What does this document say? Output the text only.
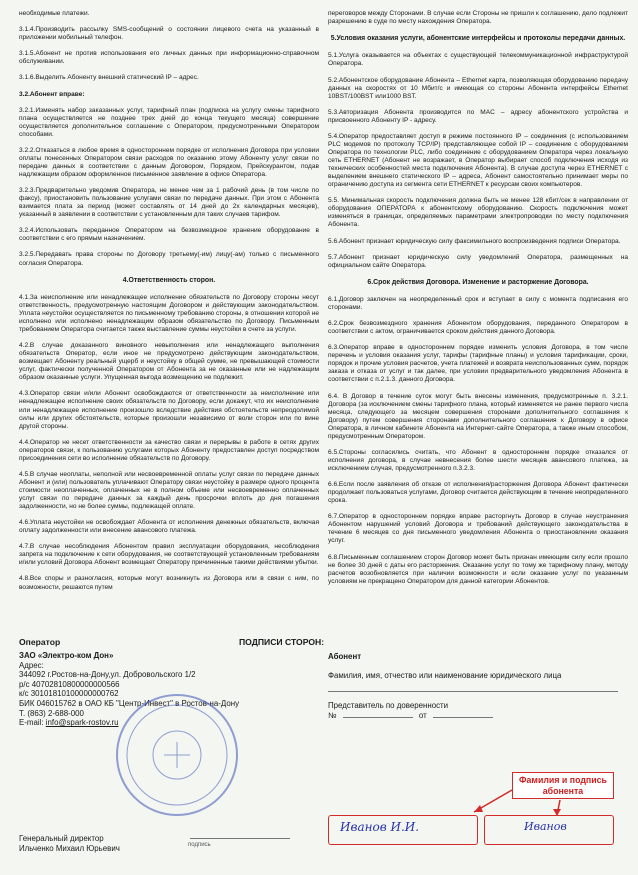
необходимые платежи.

3.1.4.Производить рассылку SMS-сообщений о состоянии лицевого счета на указанный в приложении мобильный телефон.

3.1.5.Абонент не против использования его личных данных при информационно-справочном обслуживании.

3.1.6.Выделить Абоненту внешний статический IP – адрес.

3.2.Абонент вправе:

3.2.1.Изменять набор заказанных услуг, тарифный план (подписка на услугу смены тарифного плана осуществляется не позднее трех дней до конца текущего месяца) совершение осуществляется дополнительное соглашение с Оператором, предусмотренными Оператором способами.

3.2.2.Отказаться в любое время в одностороннем порядке от исполнения Договора при условии оплаты понесенных Оператором связи расходов по оказанию этому Абоненту услуг связи по передаче данных в соответствии с данным Договором, Порядком, Прейскурантом, подав надлежащим образом оформленное письменное заявление в офисе Оператора.

3.2.3.Предварительно уведомив Оператора, не менее чем за 1 рабочий день (в том числе по факсу), приостановить пользование услугами связи по передаче данных. При этом с Абонента взимается плата за период (может составлять от 14 дней до 2х календарных месяцев), указанный в заявлении в соответствии с установленным для таких случаев тарифом.

3.2.4.Использовать переданное Оператором на безвозмездное хранение оборудование в соответствии с его прямым назначением.

3.2.5.Передавать права стороны по Договору третьему(-им) лицу(-ам) только с письменного согласия Оператора.

4.Ответственность сторон.

4.1.За неисполнение или ненадлежащее исполнение обязательств по Договору стороны несут ответственность, предусмотренную настоящим Договором и действующим законодательством. Уплата неустойки осуществляется по письменному требованию стороны, в отношении которой не исполнено или исполнено ненадлежащим образом обязательство по Договору. Письменным требованием Оператора считается также выставление суммы неустойки в счете за услуги.

4.2.В случае доказанного виновного невыполнения или ненадлежащего выполнения обязательств Оператор, если иное не предусмотрено действующим законодательством, возмещает Абоненту реальный ущерб и неустойку в общей сумме, не превышающей стоимости услуг, фактически полученной Оператором от Абонента за не оказанные или не надлежащим образом оказанные услуги. Упущенная выгода возмещению не подлежит.

4.3.Оператор связи и/или Абонент освобождаются от ответственности за неисполнение или ненадлежащее исполнение своих обязательств по Договору, если докажут, что их неисполнение или ненадлежащее исполнение произошло вследствие действия обстоятельств непреодолимой силы или других обстоятельств, которые произошли независимо от воли сторон или по вине другой стороны.

4.4.Оператор не несет ответственности за качество связи и перерывы в работе в сетях других операторов связи, к пользованию услугами которых Абоненту предоставлен доступ посредством присоединения сети во исполнение обязательств по Договору.

4.5.В случае неоплаты, неполной или несвоевременной оплаты услуг связи по передаче данных Абонент и (или) пользователь уплачивают Оператору связи неустойку в размере одного процента стоимости неоплаченных, оплаченных не в полном объеме или несвоевременно оплаченных услуг связи по передаче данных за каждый день просрочки вплоть до дня погашения задолженности, но не более суммы, подлежащей оплате.

4.6.Уплата неустойки не освобождает Абонента от исполнения денежных обязательств, включая оплату задолженности или внесение авансового платежа.

4.7.В случае несоблюдения Абонентом правил эксплуатации оборудования, несоблюдения запрета на подключение к сети оборудования, не соответствующей установленным требованиям и/или условий Договора Абонент возмещает Оператору причиненные такими действиями убытки.

4.8.Все споры и разногласия, которые могут возникнуть из Договора или в связи с ним, по возможности, решаются путем

переговоров между Сторонами. В случае если Стороны не пришли к соглашению, дело подлежит разрешению в суде по месту нахождения Оператора.

5.Условия оказания услуги, абонентские интерфейсы и протоколы передачи данных.

5.1.Услуга оказывается на объектах с существующей телекоммуникационной инфраструктурой Оператора.

5.2.Абонентское оборудование Абонента – Ethernet карта, позволяющая оборудованию передачу данных на скоростях от 10 Мбит/с и имеющая со стороны Абонента интерфейсы Ethernet 10BST/100BST или1000 BST.

5.3.Авторизация Абонента производится по MAC – адресу абонентского устройства и присвоенного Абоненту IP - адресу.

5.4.Оператор предоставляет доступ в режиме постоянного IP – соединения (с использованием PLC модемов по протоколу TCP/IP) представляющее собой IP – соединение с оборудованием Оператора по технологии PLC, либо соединение с оборудованием Оператора через локальную сеть ETHERNET (Абонент не возражает, в Оператор выбирает способ подключения исходя из технических особенностей места подключения Абонента). В случае доступа через ETHERNET с выделением внешнего статического IP – адреса, Абонент самостоятельно принимает меры по ограничению доступа из сегмента сети ETHERNET к ресурсам своих компьютеров.

5.5. Минимальная скорость подключения должна быть не менее 128 кбит/сек в направлении от оборудования ОПЕРАТОРА к абонентскому оборудованию. Скорость подключения может изменяться в границах, определяемых параметрами электропроводки по месту подключения Абонента.

5.6.Абонент признает юридическую силу факсимильного воспроизведения подписи Оператора.

5.7.Абонент признает юридическую силу уведомлений Оператора, размещенных на официальном сайте Оператора.

6.Срок действия Договора. Изменение и расторжение Договора.

6.1.Договор заключен на неопределенный срок и вступает в силу с момента подписания его сторонами.

6.2.Срок безвозмездного хранения Абонентом оборудования, переданного Оператором в соответствии с актом, ограничивается сроком действия данного Договора.

6.3.Оператор вправе в одностороннем порядке изменить условия Договора, в том числе перечень и условия оказания услуг, тарифы (тарифные планы) и условия тарификации, сроки, порядок и прочие условия расчетов, учета платежей и возврата неиспользованных сумм, порядок заказа и отказа от услуг и так далее, при условии предварительного уведомления Абонента в соответствии с п.2.1.3. данного Договора.

6.4. В Договор в течение суток могут быть внесены изменения, предусмотренные п. 3.2.1. Договора (за исключением смены тарифного плана, который изменяется не ранее первого числа месяца, следующего за месяцем совершения сторонами дополнительного соглашения к Договору) путем совершения сторонами дополнительного соглашения к Договору в офисе Оператора, в личном кабинете Абонента на Интернет-сайте Оператора, а также иным способом, предусмотренным Оператором.

6.5.Стороны согласились считать, что Абонент в одностороннем порядке отказался от исполнения договора, в случае невнесения более шести месяцев авансового платежа, за исключением случая, предусмотренного п.3.2.3.

6.6.Если после заявления об отказе от исполнения/расторжения Договора Абонент фактически продолжает пользоваться услугами, Договор считается действующим в течение неопределенного срока.

6.7.Оператор в одностороннем порядке вправе расторгнуть Договор в случае неустранения Абонентом нарушений условий Договора и требований действующего законодательства в течение 6 месяцев со дня письменного уведомления Абонента о приостановлении оказания услуг.

6.8.Письменным соглашением сторон Договор может быть признан имеющим силу если прошло не более 30 дней с даты его расторжения. Оказание услуг по тому же тарифному плану, методу расчетов возобновляется при наличии возможности и если оказание услуг по указанным условиям не прекращено Оператором для данной категории Абонентов.

Оператор	ПОДПИСИ СТОРОН:
ЗАО «Электро-ком Дон»
Адрес:
344092 г.Ростов-на-Дону,ул. Добровольского 1/2
р/с 40702810800000000566
к/с 30101810100000000762
БИК 046015762 в ОАО КБ "Центр-Инвест" в Ростов-на-Дону
Т. (863) 2-688-000
E-mail: info@spark-rostov.ru
Генеральный директор
Ильченко Михаил Юрьевич	подпись
Абонент
Фамилия, имя, отчество или наименование юридического лица
Представитель по доверенности
№	от
Фамилия и подпись абонента
Иванов И.И.	Иванов
